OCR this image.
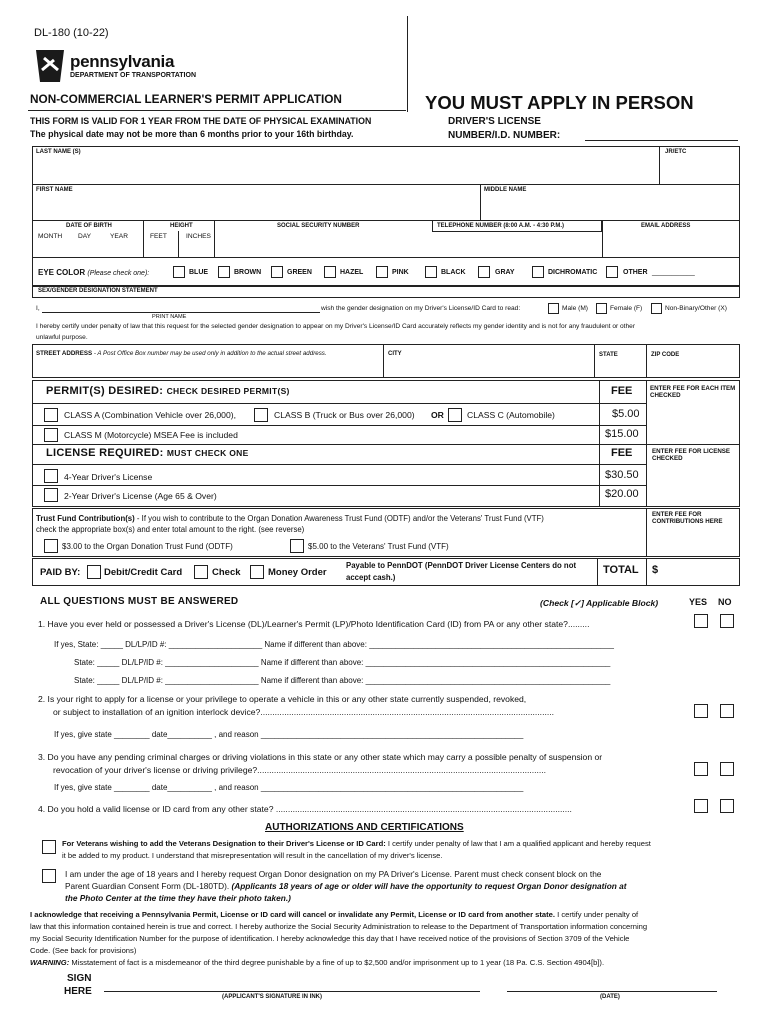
DL-180 (10-22)
pennsylvania
DEPARTMENT OF TRANSPORTATION
NON-COMMERCIAL LEARNER'S PERMIT APPLICATION	YOU MUST APPLY IN PERSON
THIS FORM IS VALID FOR 1 YEAR FROM THE DATE OF PHYSICAL EXAMINATION
The physical date may not be more than 6 months prior to your 16th birthday.
DRIVER'S LICENSE
NUMBER/I.D. NUMBER:
LAST NAME (S)	JR/ETC
FIRST NAME	MIDDLE NAME
DATE OF BIRTH
MONTH DAY	YEAR
HEIGHT
FEET	INCHES
SOCIAL SECURITY NUMBER	TELEPHONE NUMBER (8:00 A.M. - 4:30 P.M.)	EMAIL ADDRESS
EYE COLOR (Please check one):	BLUE	BROWN	GREEN	HAZEL	PINK	BLACK	GRAY	DICHROMATIC	OTHER ___________
SEX/GENDER DESIGNATION STATEMENT
I,	wish the gender designation on my Driver's License/ID Card to read:	Male (M)	Female (F)	Non-Binary/Other (X)
PRINT NAME
I hereby certify under penalty of law that this request for the selected gender designation to appear on my Driver's License/ID Card accurately reflects my gender identity and is not for any fraudulent or other
unlawful purpose.
STREET ADDRESS - A Post Office Box number may be used only in addition to the actual street address.	CITY	STATE	ZIP CODE
PERMIT(S) DESIRED: CHECK DESIRED PERMIT(S)	FEE	ENTER FEE FOR EACH ITEM CHECKED
CLASS A (Combination Vehicle over 26,000),	CLASS B (Truck or Bus over 26,000) OR	CLASS C (Automobile)	$5.00
CLASS M (Motorcycle) MSEA Fee is included	$15.00
LICENSE REQUIRED: MUST CHECK ONE	FEE	ENTER FEE FOR LICENSE CHECKED
4-Year Driver's License	$30.50
2-Year Driver's License (Age 65 & Over)	$20.00
Trust Fund Contribution(s) - If you wish to contribute to the Organ Donation Awareness Trust Fund (ODTF) and/or the Veterans' Trust Fund (VTF)
check the appropriate box(s) and enter total amount to the right. (see reverse)
ENTER FEE FOR CONTRIBUTIONS HERE
$3.00 to the Organ Donation Trust Fund (ODTF)	$5.00 to the Veterans' Trust Fund (VTF)
PAID BY: Debit/Credit Card	Check	Money Order
Payable to PennDOT (PennDOT Driver License Centers do not
accept cash.)
TOTAL $
ALL QUESTIONS MUST BE ANSWERED	(Check [✓] Applicable Block)	YES NO
1. Have you ever held or possessed a Driver's License (DL)/Learner's Permit (LP)/Photo Identification Card (ID) from PA or any other state?.........
If yes, State: _____ DL/LP/ID #: _____________________ Name if different than above: _______________________________________________________
State: _____ DL/LP/ID #: _____________________ Name if different than above: _______________________________________________________
State: _____ DL/LP/ID #: _____________________ Name if different than above: _______________________________________________________
2. Is your right to apply for a license or your privilege to operate a vehicle in this or any other state currently suspended, revoked,
or subject to installation of an ignition interlock device?...........................................................................................................................
If yes, give state ________ date__________ , and reason ___________________________________________________________
3. Do you have any pending criminal charges or driving violations in this state or any other state which may carry a possible penalty of suspension or
revocation of your driver's license or driving privilege?.........................................................................................................................
If yes, give state ________ date__________ , and reason ___________________________________________________________
4. Do you hold a valid license or ID card from any other state? ............................................................................................................................
AUTHORIZATIONS AND CERTIFICATIONS
For Veterans wishing to add the Veterans Designation to their Driver's License or ID Card: I certify under penalty of law that I am a qualified applicant and hereby request
it be added to my product. I understand that misrepresentation will result in the cancellation of my driver's license.
I am under the age of 18 years and I hereby request Organ Donor designation on my PA Driver's License. Parent must check consent block on the
Parent Guardian Consent Form (DL-180TD). (Applicants 18 years of age or older will have the opportunity to request Organ Donor designation at
the Photo Center at the time they have their photo taken.)
I acknowledge that receiving a Pennsylvania Permit, License or ID card will cancel or invalidate any Permit, License or ID card from another state. I certify under penalty of
law that this information contained herein is true and correct. I hereby authorize the Social Security Administration to release to the Department of Transportation information concerning
my Social Security Identification Number for the purpose of identification. I hereby acknowledge this day that I have received notice of the provisions of Section 3709 of the Vehicle
Code. (See back for provisions)
WARNING: Misstatement of fact is a misdemeanor of the third degree punishable by a fine of up to $2,500 and/or imprisonment up to 1 year (18 Pa. C.S. Section 4904[b]).
SIGN
HERE	(APPLICANT'S SIGNATURE IN INK)	(DATE)
